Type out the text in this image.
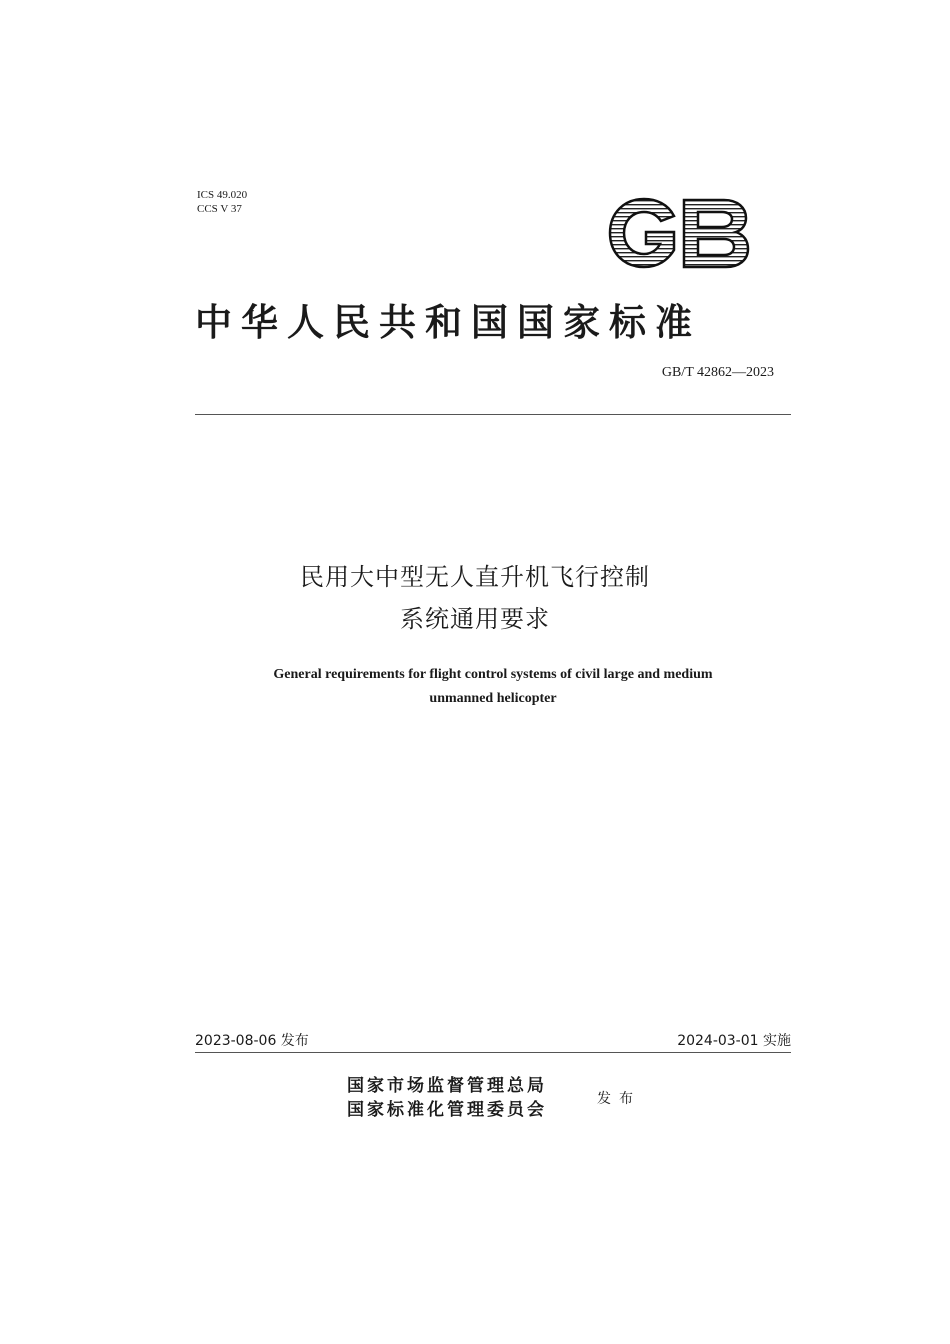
ICS 49.020
CCS V 37
中华人民共和国国家标准
GB/T 42862—2023
民用大中型无人直升机飞行控制
系统通用要求
General requirements for flight control systems of civil large and medium
unmanned helicopter
2023-08-06 发布	2024-03-01 实施
国家市场监督管理总局
国家标准化管理委员会
发布
